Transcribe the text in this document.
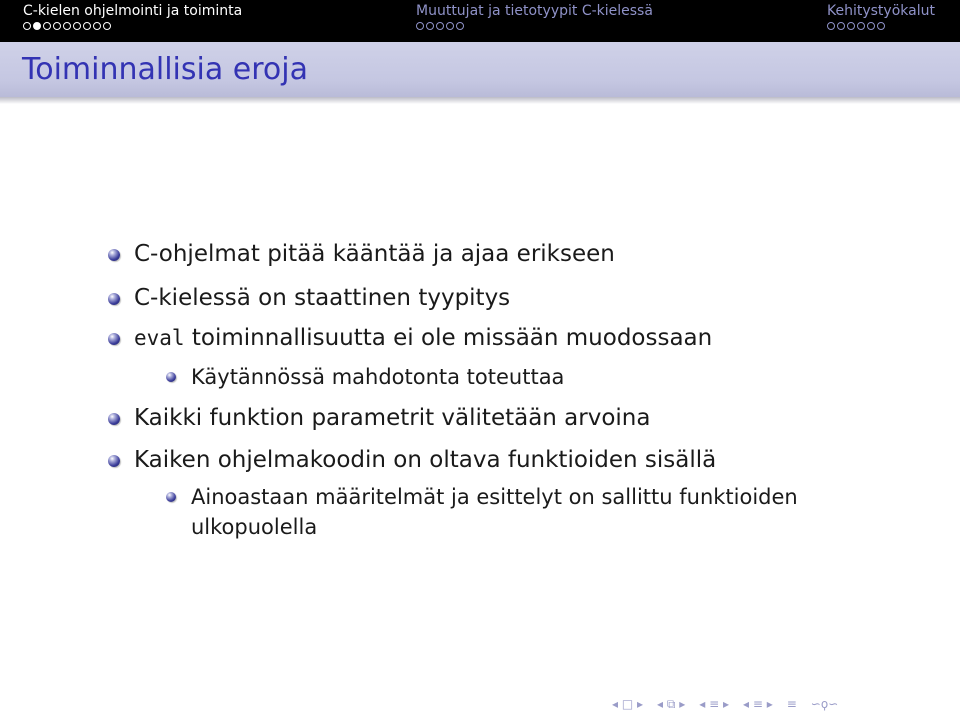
C-kielen ohjelmointi ja toiminta	Muuttujat ja tietotyypit C-kielessä	Kehitystyökalut
Toiminnallisia eroja
C-ohjelmat pitää kääntää ja ajaa erikseen
C-kielessä on staattinen tyypitys
eval toiminnallisuutta ei ole missään muodossaan
Käytännössä mahdotonta toteuttaa
Kaikki funktion parametrit välitetään arvoina
Kaiken ohjelmakoodin on oltava funktioiden sisällä
Ainoastaan määritelmät ja esittelyt on sallittu funktioiden
ulkopuolella
◂ □ ▸ ◂ ⧉ ▸ ◂ ≡ ▸ ◂ ≡ ▸ ≡ ∽ϙ∽
